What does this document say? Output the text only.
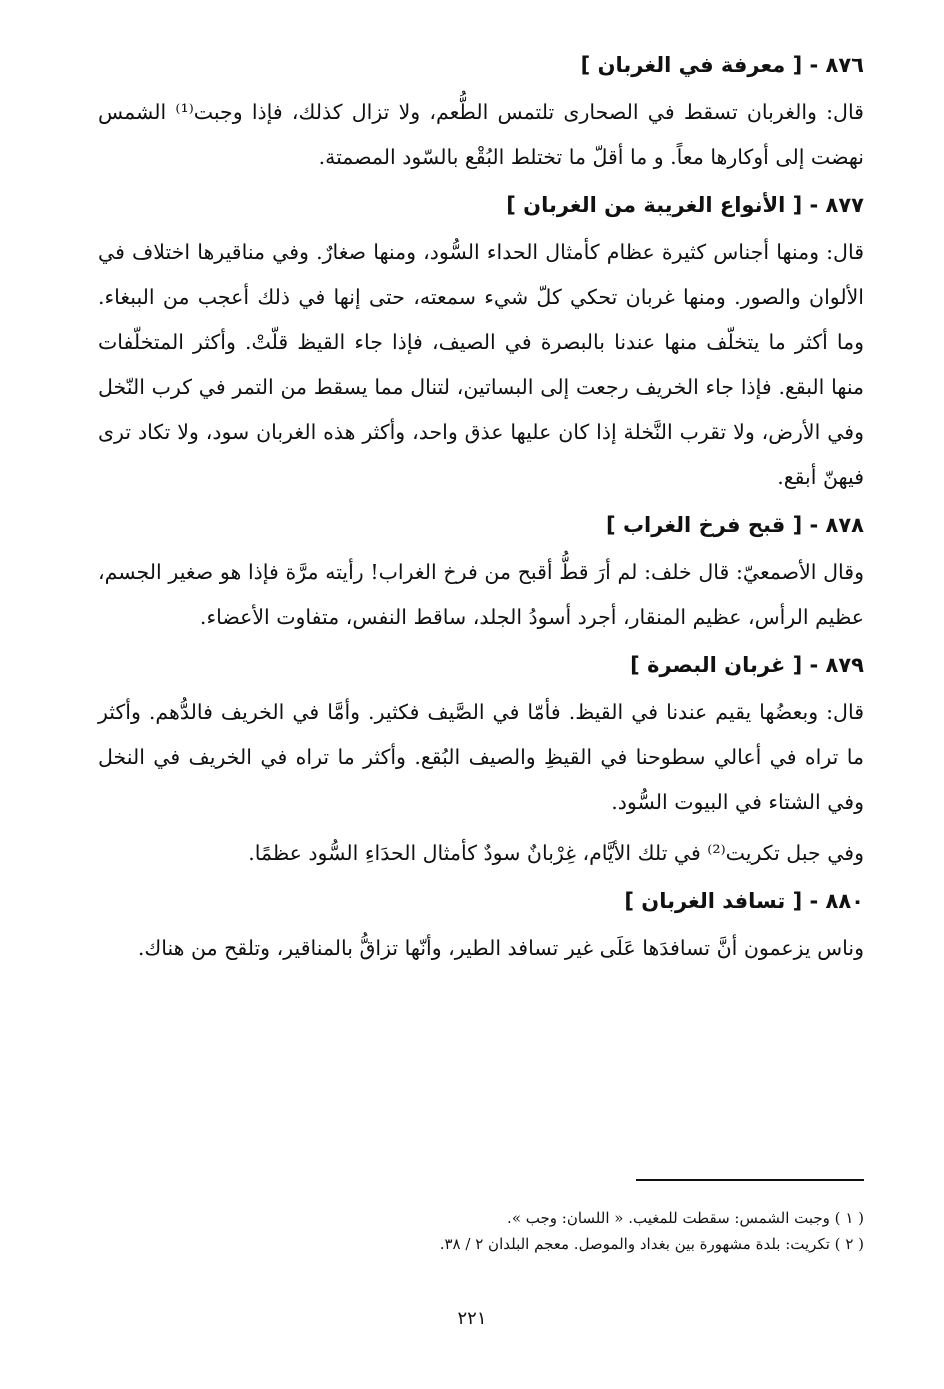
٨٧٦ - [ معرفة في الغربان ]

قال: والغربان تسقط في الصحارى تلتمس الطُّعم، ولا تزال كذلك، فإذا وجبت⁽¹⁾ الشمس نهضت إلى أوكارها معاً. و ما أقلّ ما تختلط البُقْع بالسّود المصمتة.

٨٧٧ - [ الأنواع الغريبة من الغربان ]

قال: ومنها أجناس كثيرة عظام كأمثال الحداء السُّود، ومنها صغارٌ. وفي مناقيرها اختلاف في الألوان والصور. ومنها غربان تحكي كلّ شيء سمعته، حتى إنها في ذلك أعجب من الببغاء. وما أكثر ما يتخلّف منها عندنا بالبصرة في الصيف، فإذا جاء القيظ قلّتْ. وأكثر المتخلّفات منها البقع. فإذا جاء الخريف رجعت إلى البساتين، لتنال مما يسقط من التمر في كرب النّخل وفي الأرض، ولا تقرب النَّخلة إذا كان عليها عذق واحد، وأكثر هذه الغربان سود، ولا تكاد ترى فيهنّ أبقع.

٨٧٨ - [ قبح فرخ الغراب ]

وقال الأصمعيّ: قال خلف: لم أرَ قطُّ أقبح من فرخ الغراب! رأيته مرَّة فإذا هو صغير الجسم، عظيم الرأس، عظيم المنقار، أجرد أسودُ الجلد، ساقط النفس، متفاوت الأعضاء.

٨٧٩ - [ غربان البصرة ]

قال: وبعضُها يقيم عندنا في القيظ. فأمّا في الصَّيف فكثير. وأمَّا في الخريف فالدُّهم. وأكثر ما تراه في أعالي سطوحنا في القيظِ والصيف البُقع. وأكثر ما تراه في الخريف في النخل وفي الشتاء في البيوت السُّود.

وفي جبل تكريت⁽²⁾ في تلك الأيَّام، غِرْبانٌ سودٌ كأمثال الحدَاءِ السُّود عظمًا.

٨٨٠ - [ تسافد الغربان ]

وناس يزعمون أنَّ تسافدَها عَلَى غير تسافد الطير، وأنّها تزاقُّ بالمناقير، وتلقح من هناك.

( ١ ) وجبت الشمس: سقطت للمغيب. « اللسان: وجب ».

( ٢ ) تكريت: بلدة مشهورة بين بغداد والموصل. معجم البلدان ٢ / ٣٨.

٢٢١
